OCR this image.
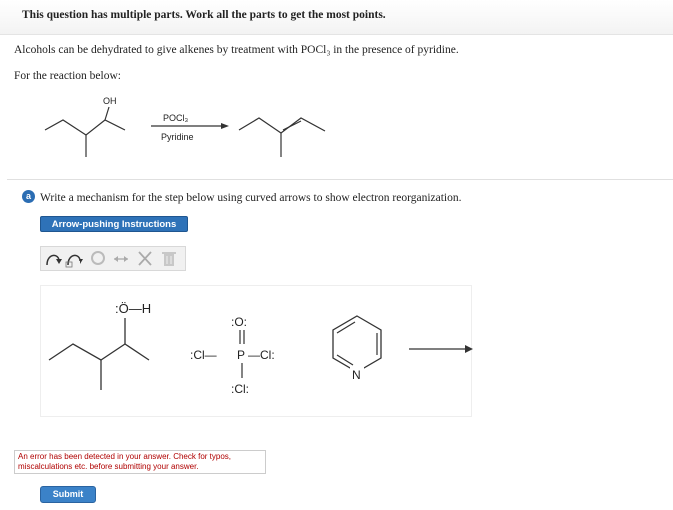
This question has multiple parts. Work all the parts to get the most points.
Alcohols can be dehydrated to give alkenes by treatment with POCl₃ in the presence of pyridine.
For the reaction below:
OH
POCl₃
Pyridine
a Write a mechanism for the step below using curved arrows to show electron reorganization.
Arrow-pushing Instructions
:Ö—H
:O:
:Cl— P —Cl:
:Cl:
N
An error has been detected in your answer. Check for typos, miscalculations etc. before submitting your answer.
Submit
